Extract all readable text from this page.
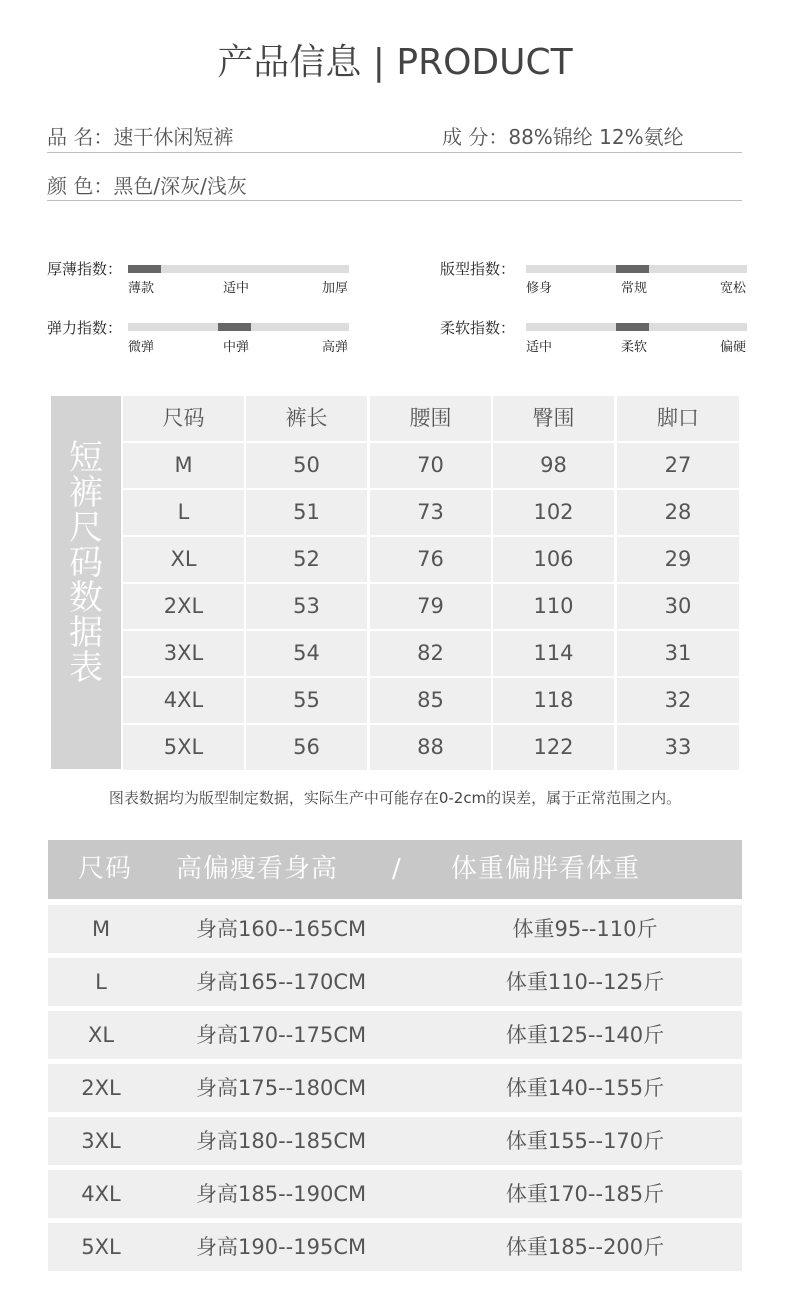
产品信息 | PRODUCT
品 名：速干休闲短裤	成 分：88%锦纶 12%氨纶
颜 色：黑色/深灰/浅灰
厚薄指数：
薄款	适中	加厚
版型指数：
修身	常规	宽松
弹力指数：
微弹	中弹	高弹
柔软指数：
适中	柔软	偏硬
短
裤
尺
码
数
据
表
尺码	裤长	腰围	臀围	脚口
M	50	70	98	27
L	51	73	102	28
XL	52	76	106	29
2XL	53	79	110	30
3XL	54	82	114	31
4XL	55	85	118	32
5XL	56	88	122	33
图表数据均为版型制定数据，实际生产中可能存在0-2cm的误差，属于正常范围之内。
尺码 高偏瘦看身高 / 体重偏胖看体重
M	身高160--165CM	体重95--110斤
L	身高165--170CM	体重110--125斤
XL	身高170--175CM	体重125--140斤
2XL	身高175--180CM	体重140--155斤
3XL	身高180--185CM	体重155--170斤
4XL	身高185--190CM	体重170--185斤
5XL	身高190--195CM	体重185--200斤
